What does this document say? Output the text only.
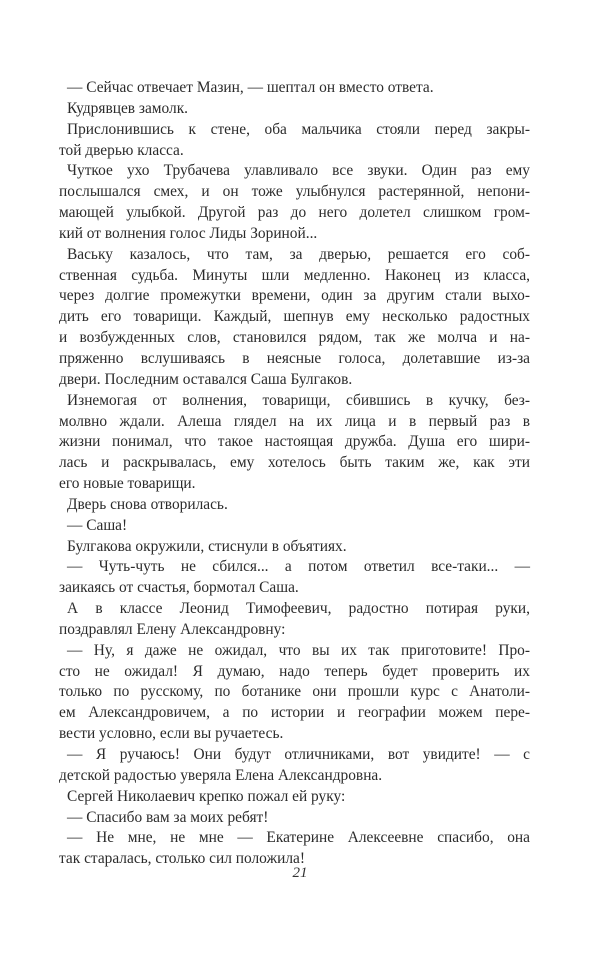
— Сейчас отвечает Мазин, — шептал он вместо ответа.
Кудрявцев замолк.
Прислонившись к стене, оба мальчика стояли перед закры-
той дверью класса.
Чуткое ухо Трубачева улавливало все звуки. Один раз ему
послышался смех, и он тоже улыбнулся растерянной, непони-
мающей улыбкой. Другой раз до него долетел слишком гром-
кий от волнения голос Лиды Зориной...
Ваську казалось, что там, за дверью, решается его соб-
ственная судьба. Минуты шли медленно. Наконец из класса,
через долгие промежутки времени, один за другим стали выхо-
дить его товарищи. Каждый, шепнув ему несколько радостных
и возбужденных слов, становился рядом, так же молча и на-
пряженно вслушиваясь в неясные голоса, долетавшие из-за
двери. Последним оставался Саша Булгаков.
Изнемогая от волнения, товарищи, сбившись в кучку, без-
молвно ждали. Алеша глядел на их лица и в первый раз в
жизни понимал, что такое настоящая дружба. Душа его шири-
лась и раскрывалась, ему хотелось быть таким же, как эти
его новые товарищи.
Дверь снова отворилась.
— Саша!
Булгакова окружили, стиснули в объятиях.
— Чуть-чуть не сбился... а потом ответил все-таки... —
заикаясь от счастья, бормотал Саша.
А в классе Леонид Тимофеевич, радостно потирая руки,
поздравлял Елену Александровну:
— Ну, я даже не ожидал, что вы их так приготовите! Про-
сто не ожидал! Я думаю, надо теперь будет проверить их
только по русскому, по ботанике они прошли курс с Анатоли-
ем Александровичем, а по истории и географии можем пере-
вести условно, если вы ручаетесь.
— Я ручаюсь! Они будут отличниками, вот увидите! — с
детской радостью уверяла Елена Александровна.
Сергей Николаевич крепко пожал ей руку:
— Спасибо вам за моих ребят!
— Не мне, не мне — Екатерине Алексеевне спасибо, она
так старалась, столько сил положила!
21
